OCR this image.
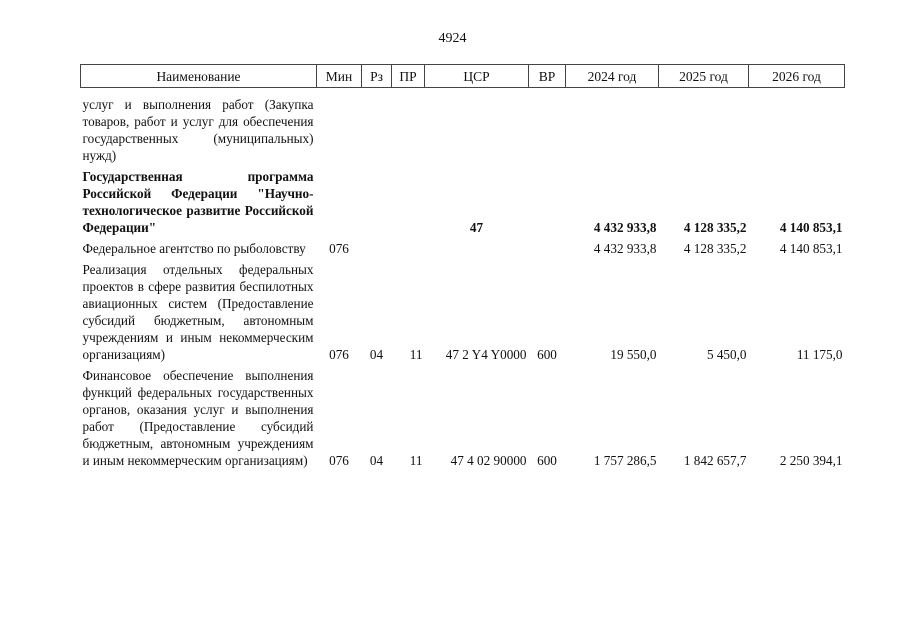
4924
Наименование	Мин	Рз	ПР	ЦСР	ВР	2024 год	2025 год	2026 год
услуг и выполнения работ (Закупка товаров, работ и услуг для обеспечения государственных (муниципальных) нужд)								
Государственная программа Российской Федерации "Научно-технологическое развитие Российской Федерации"				47		4 432 933,8	4 128 335,2	4 140 853,1
Федеральное агентство по рыболовству	076					4 432 933,8	4 128 335,2	4 140 853,1
Реализация отдельных федеральных проектов в сфере развития беспилотных авиационных систем (Предоставление субсидий бюджетным, автономным учреждениям и иным некоммерческим организациям)	076	04	11	47 2 Y4 Y0000	600	19 550,0	5 450,0	11 175,0
Финансовое обеспечение выполнения функций федеральных государственных органов, оказания услуг и выполнения работ (Предоставление субсидий бюджетным, автономным учреждениям и иным некоммерческим организациям)	076	04	11	47 4 02 90000	600	1 757 286,5	1 842 657,7	2 250 394,1
